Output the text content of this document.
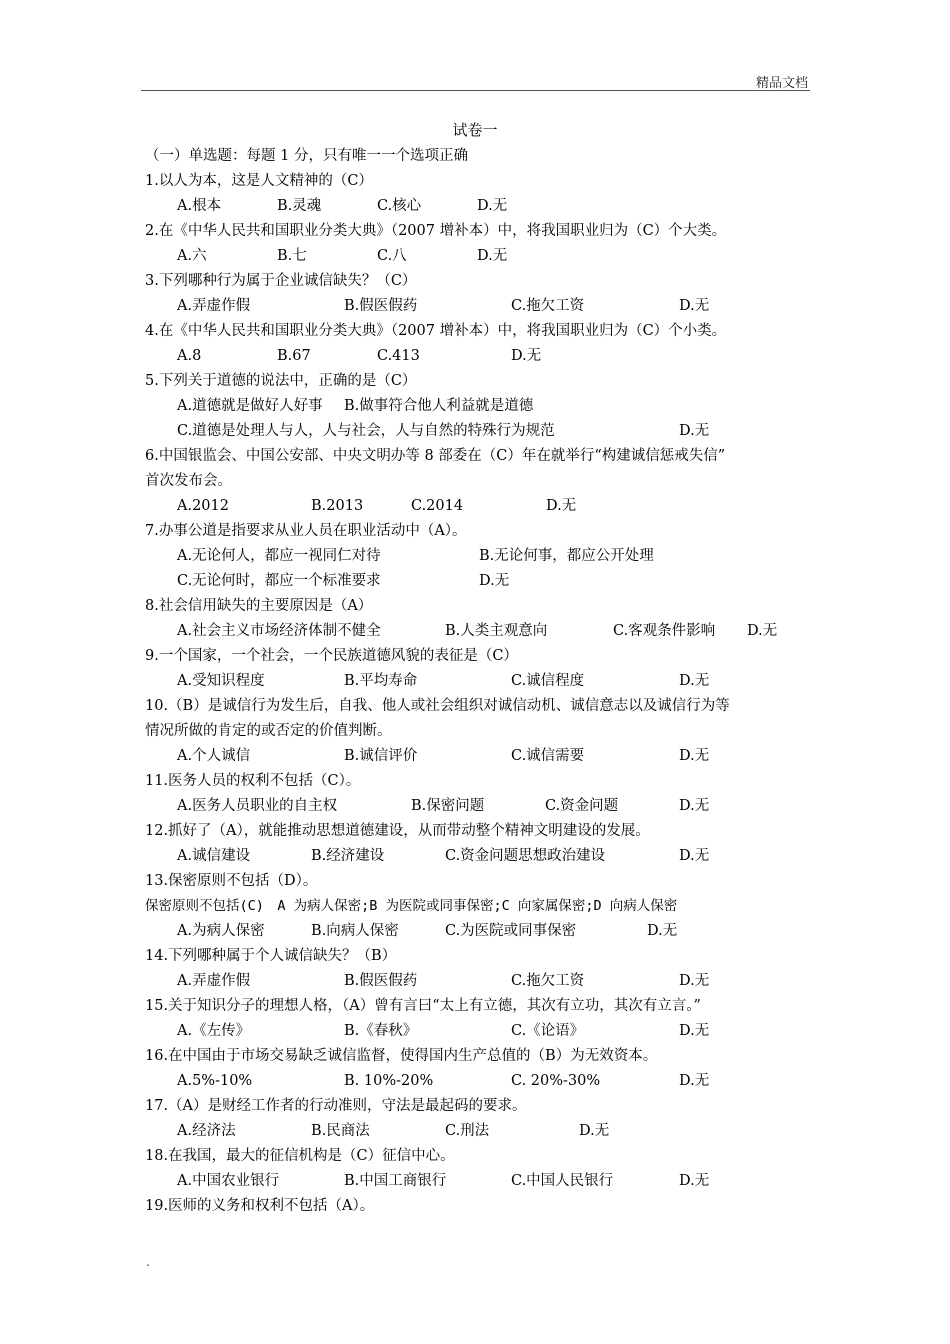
精品文档
试卷一
（一）单选题：每题 1 分，只有唯一一个选项正确
1.以人为本，这是人文精神的（C）
A.根本	B.灵魂	C.核心	D.无
2.在《中华人民共和国职业分类大典》（2007 增补本）中，将我国职业归为（C）个大类。
A.六	B.七	C.八	D.无
3.下列哪种行为属于企业诚信缺失？（C）
A.弄虚作假	B.假医假药	C.拖欠工资	D.无
4.在《中华人民共和国职业分类大典》（2007 增补本）中，将我国职业归为（C）个小类。
A.8	B.67	C.413	D.无
5.下列关于道德的说法中，正确的是（C）
A.道德就是做好人好事 B.做事符合他人利益就是道德
C.道德是处理人与人，人与社会，人与自然的特殊行为规范	D.无
6.中国银监会、中国公安部、中央文明办等 8 部委在（C）年在就举行“构建诚信惩戒失信”
首次发布会。
A.2012	B.2013	C.2014	D.无
7.办事公道是指要求从业人员在职业活动中（A）。
A.无论何人，都应一视同仁对待	B.无论何事，都应公开处理
C.无论何时，都应一个标准要求	D.无
8.社会信用缺失的主要原因是（A）
A.社会主义市场经济体制不健全	B.人类主观意向	C.客观条件影响 D.无
9.一个国家，一个社会，一个民族道德风貌的表征是（C）
A.受知识程度	B.平均寿命	C.诚信程度	D.无
10.（B）是诚信行为发生后，自我、他人或社会组织对诚信动机、诚信意志以及诚信行为等
情况所做的肯定的或否定的价值判断。
A.个人诚信	B.诚信评价	C.诚信需要	D.无
11.医务人员的权利不包括（C）。
A.医务人员职业的自主权	B.保密问题	C.资金问题	D.无
12.抓好了（A），就能推动思想道德建设，从而带动整个精神文明建设的发展。
A.诚信建设	B.经济建设	C.资金问题思想政治建设	D.无
13.保密原则不包括（D）。
保密原则不包括(C)　A 为病人保密;B 为医院或同事保密;C 向家属保密;D 向病人保密
A.为病人保密	B.向病人保密	C.为医院或同事保密	D.无
14.下列哪种属于个人诚信缺失？（B）
A.弄虚作假	B.假医假药	C.拖欠工资	D.无
15.关于知识分子的理想人格，（A）曾有言曰“太上有立德，其次有立功，其次有立言。”
A.《左传》	B.《春秋》	C.《论语》	D.无
16.在中国由于市场交易缺乏诚信监督，使得国内生产总值的（B）为无效资本。
A.5%-10%	B. 10%-20%	C. 20%-30%	D.无
17.（A）是财经工作者的行动准则，守法是最起码的要求。
A.经济法	B.民商法	C.刑法	D.无
18.在我国，最大的征信机构是（C）征信中心。
A.中国农业银行	B.中国工商银行	C.中国人民银行	D.无
19.医师的义务和权利不包括（A）。
.
